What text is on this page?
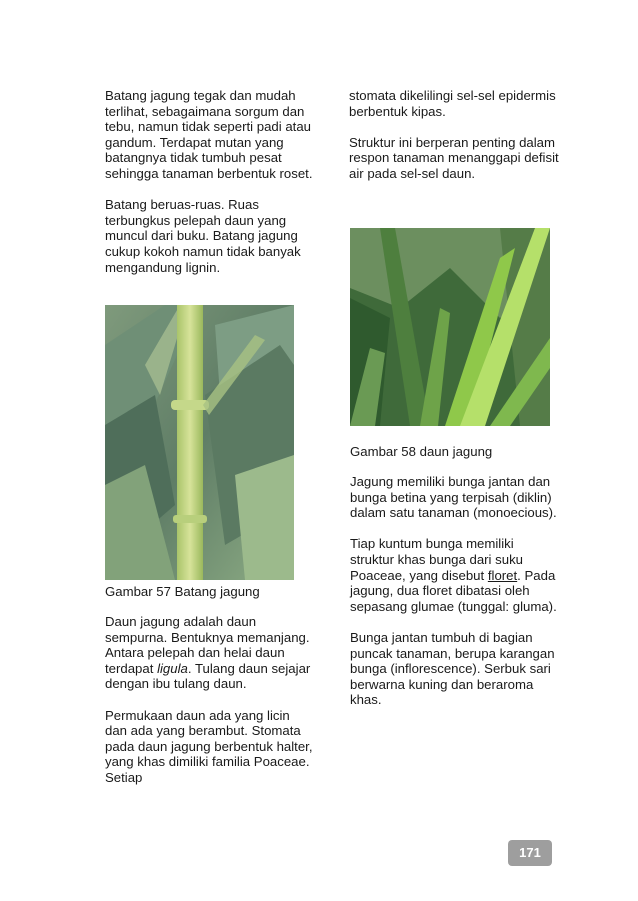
Batang jagung tegak dan mudah terlihat, sebagaimana sorgum dan tebu, namun tidak seperti padi atau gandum. Terdapat mutan yang batangnya tidak tumbuh pesat sehingga tanaman berbentuk roset.

Batang beruas-ruas. Ruas terbungkus pelepah daun yang muncul dari buku. Batang jagung cukup kokoh namun tidak banyak mengandung lignin.

Gambar 57 Batang jagung

Daun jagung adalah daun sempurna. Bentuknya memanjang. Antara pelepah dan helai daun terdapat ligula. Tulang daun sejajar dengan ibu tulang daun.

Permukaan daun ada yang licin dan ada yang berambut. Stomata pada daun jagung berbentuk halter, yang khas dimiliki familia Poaceae. Setiap

stomata dikelilingi sel-sel epidermis berbentuk kipas.

Struktur ini berperan penting dalam respon tanaman menanggapi defisit air pada sel-sel daun.

Gambar 58 daun jagung

Jagung memiliki bunga jantan dan bunga betina yang terpisah (diklin) dalam satu tanaman (monoecious).

Tiap kuntum bunga memiliki struktur khas bunga dari suku Poaceae, yang disebut floret. Pada jagung, dua floret dibatasi oleh sepasang glumae (tunggal: gluma).

Bunga jantan tumbuh di bagian puncak tanaman, berupa karangan bunga (inflorescence). Serbuk sari berwarna kuning dan beraroma khas.

171
